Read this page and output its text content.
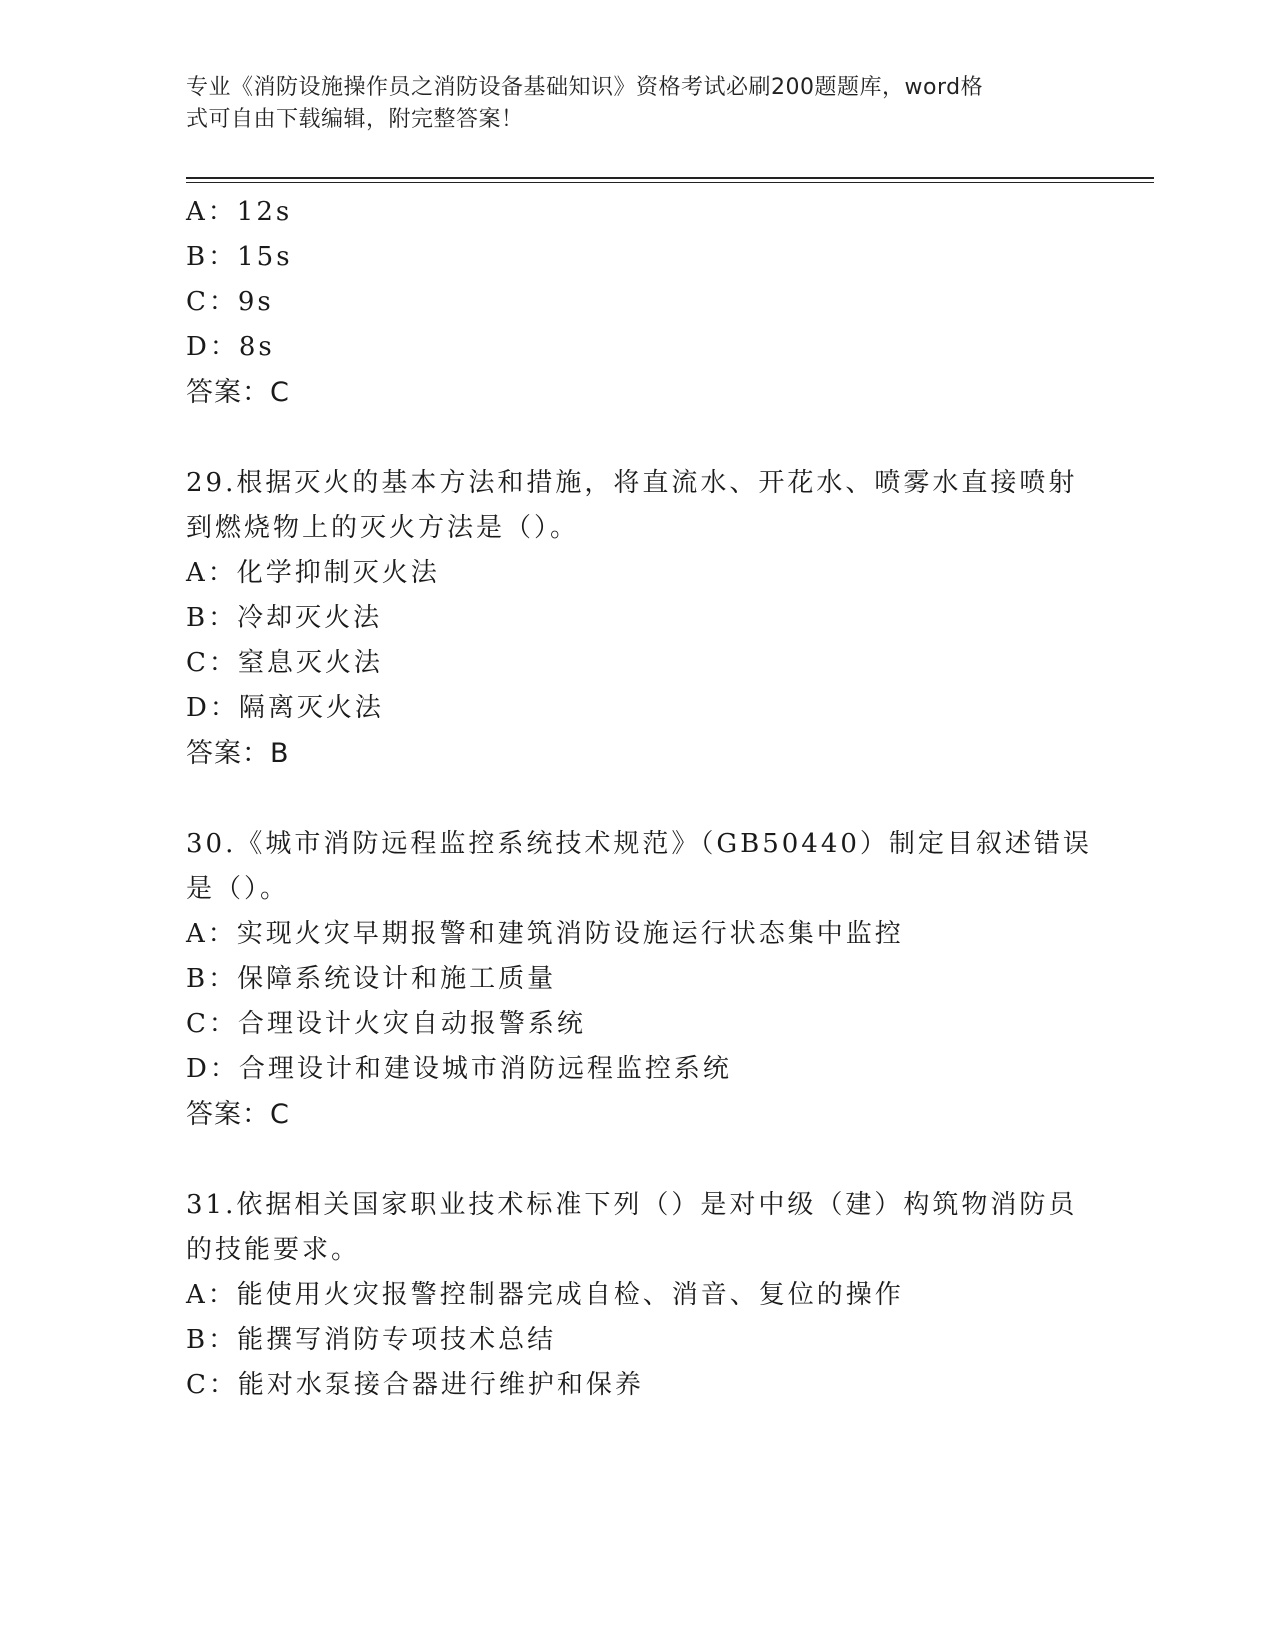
专业《消防设施操作员之消防设备基础知识》资格考试必刷200题题库，word格
式可自由下载编辑，附完整答案！
A：12s
B：15s
C：9s
D：8s
答案：C
29.根据灭火的基本方法和措施，将直流水、开花水、喷雾水直接喷射
到燃烧物上的灭火方法是（）。
A：化学抑制灭火法
B：冷却灭火法
C：窒息灭火法
D：隔离灭火法
答案：B
30.《城市消防远程监控系统技术规范》（GB50440）制定目叙述错误
是（）。
A：实现火灾早期报警和建筑消防设施运行状态集中监控
B：保障系统设计和施工质量
C：合理设计火灾自动报警系统
D：合理设计和建设城市消防远程监控系统
答案：C
31.依据相关国家职业技术标准下列（）是对中级（建）构筑物消防员
的技能要求。
A：能使用火灾报警控制器完成自检、消音、复位的操作
B：能撰写消防专项技术总结
C：能对水泵接合器进行维护和保养
